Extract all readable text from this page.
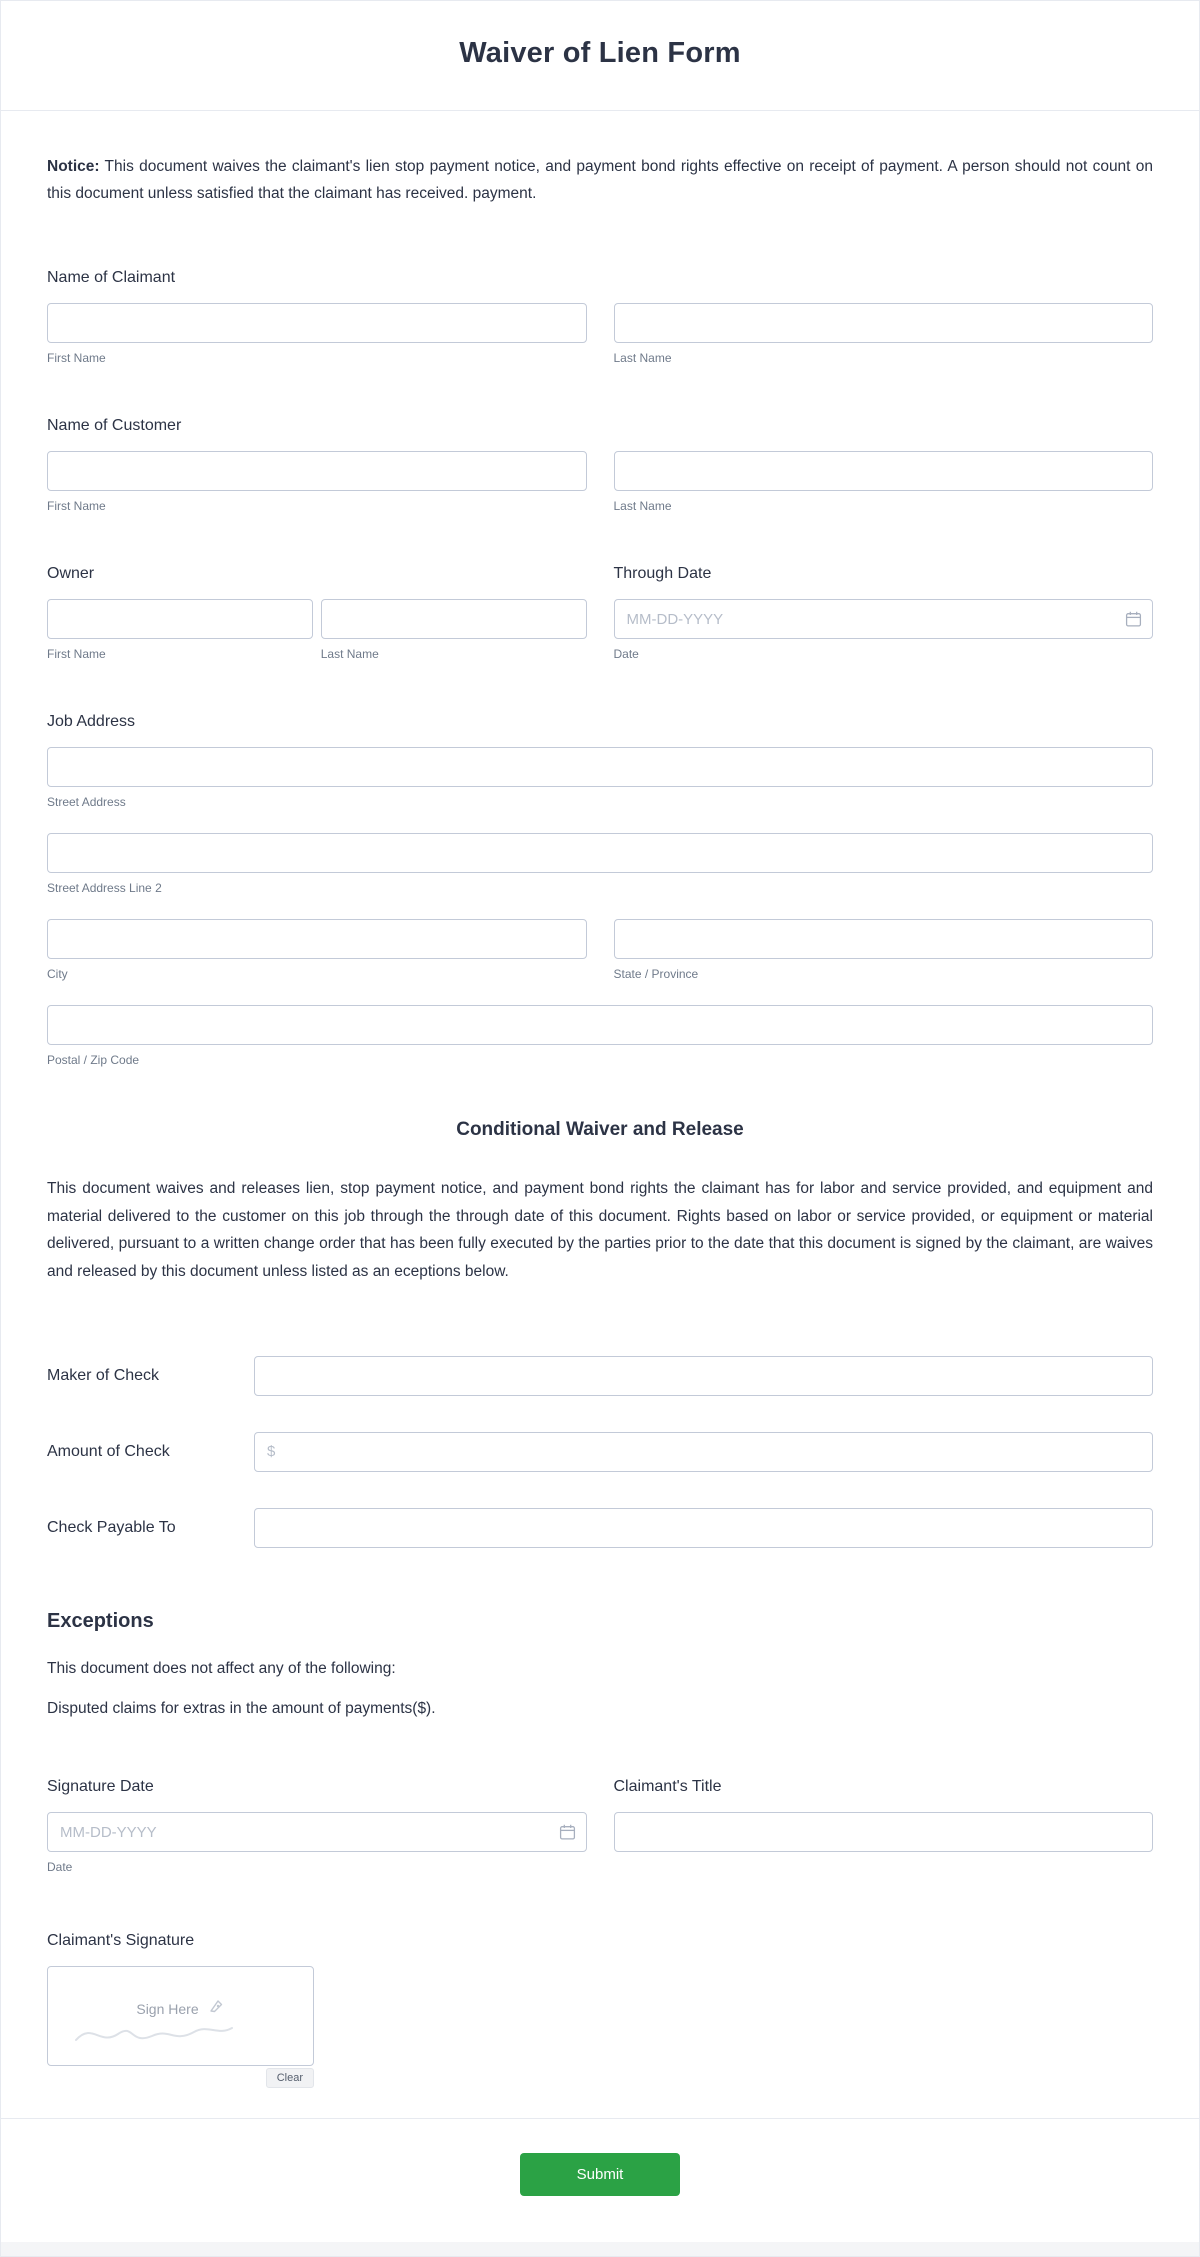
Waiver of Lien Form

Notice: This document waives the claimant's lien stop payment notice, and payment bond rights effective on receipt of payment. A person should not count on this document unless satisfied that the claimant has received. payment.

Name of Claimant
First Name	Last Name
Name of Customer
First Name	Last Name
Owner
First Name	Last Name
Through Date
MM-DD-YYYY
Date
Job Address
Street Address
Street Address Line 2
City	State / Province
Postal / Zip Code
Conditional Waiver and Release

This document waives and releases lien, stop payment notice, and payment bond rights the claimant has for labor and service provided, and equipment and material delivered to the customer on this job through the through date of this document. Rights based on labor or service provided, or equipment or material delivered, pursuant to a written change order that has been fully executed by the parties prior to the date that this document is signed by the claimant, are waives and released by this document unless listed as an eceptions below.

Maker of Check
Amount of Check
$
Check Payable To
Exceptions
This document does not affect any of the following:
Disputed claims for extras in the amount of payments($).
Signature Date
MM-DD-YYYY
Date
Claimant's Title
Claimant's Signature
Sign Here
Clear
Submit
